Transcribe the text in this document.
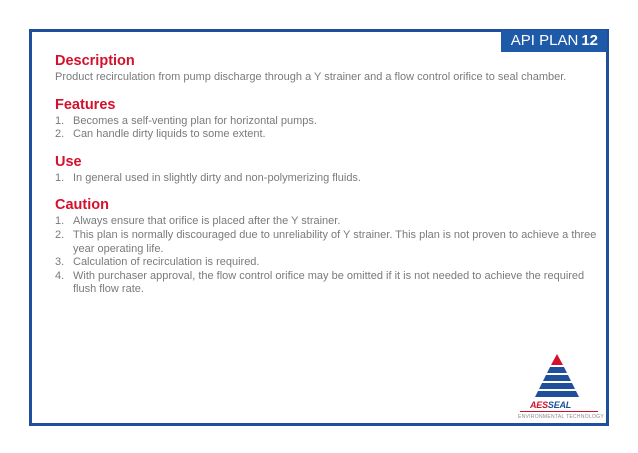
API PLAN 12
Description

Product recirculation from pump discharge through a Y strainer and a flow control orifice to seal chamber.

Features
1. Becomes a self-venting plan for horizontal pumps.
2. Can handle dirty liquids to some extent.
Use
1. In general used in slightly dirty and non-polymerizing fluids.
Caution
1. Always ensure that orifice is placed after the Y strainer.
2. This plan is normally discouraged due to unreliability of Y strainer. This plan is not proven to achieve a three year operating life.
3. Calculation of recirculation is required.
4. With purchaser approval, the flow control orifice may be omitted if it is not needed to achieve the required flush flow rate.
AESSEAL
ENVIRONMENTAL TECHNOLOGY
